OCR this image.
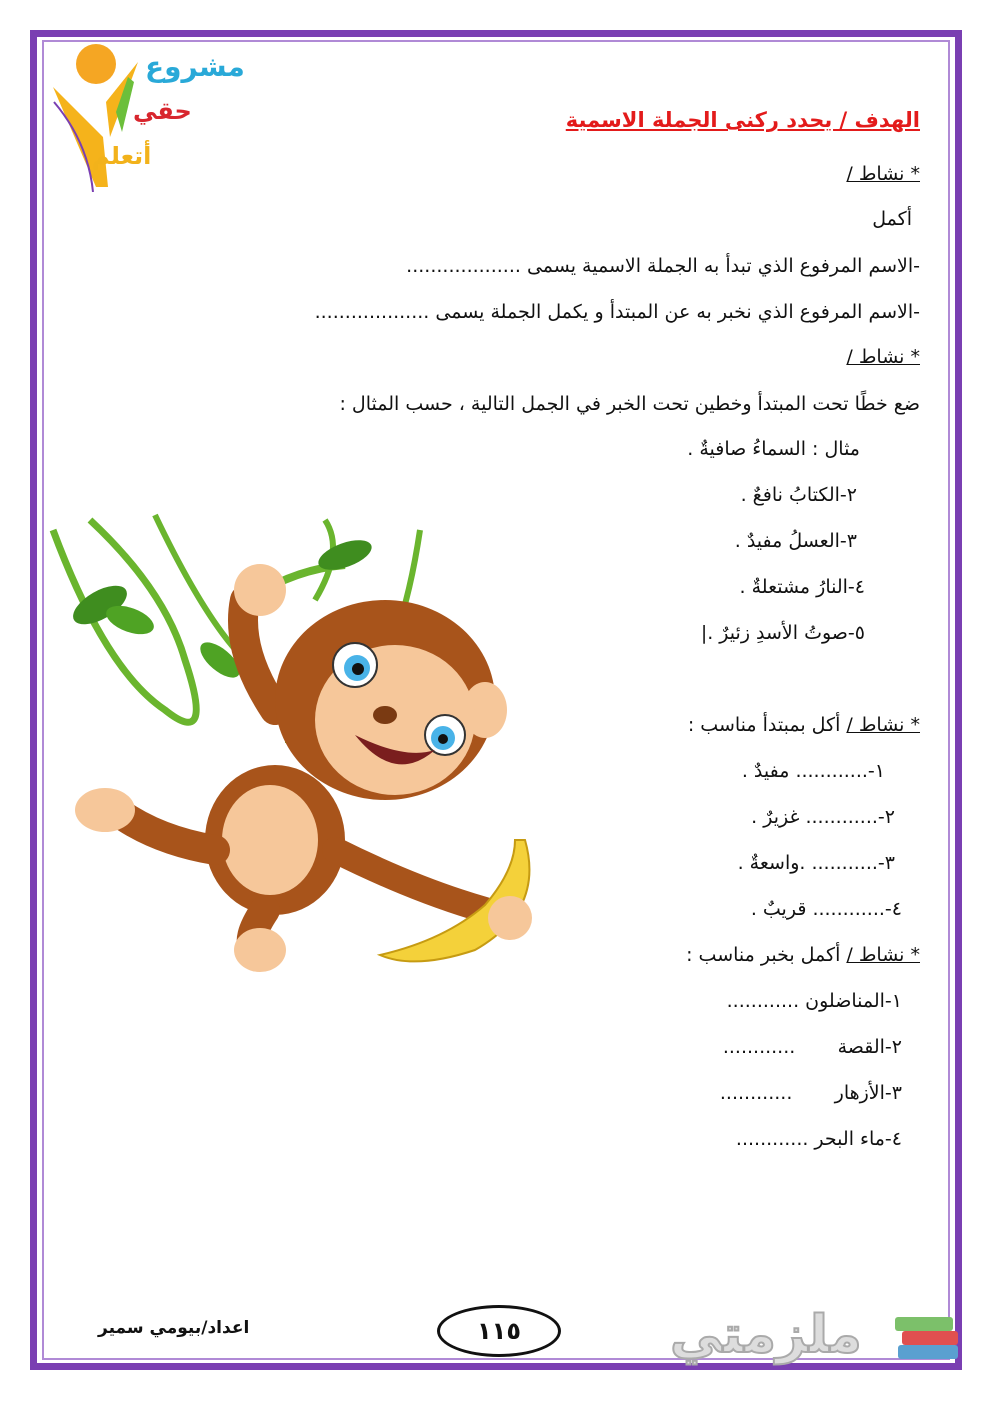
مشروع
حقي
أتعلم
الهدف / يحدد ركنى الجملة الاسمية
* نشاط /
أكمل
-الاسم المرفوع الذي تبدأ به الجملة الاسمية يسمى ...................
-الاسم المرفوع الذي نخبر به عن المبتدأ و يكمل الجملة يسمى ...................
* نشاط /
ضع خطًا تحت المبتدأ وخطين تحت الخبر في الجمل التالية ، حسب المثال :
مثال : السماءُ صافيةٌ .
٢-الكتابُ نافعٌ .
٣-العسلُ مفيدٌ .
٤-النارُ مشتعلةٌ .
٥-صوتُ الأسدِ زئيرٌ .|
* نشاط / أكل بمبتدأ مناسب :
١-............ مفيدٌ .
٢-............ غزيرٌ .
٣-........... .واسعةٌ .
٤-............ قريبٌ .
* نشاط / أكمل بخبر مناسب :
١-المناضلون ............
٢-القصة       ............
٣-الأزهار       ............
٤-ماء البحر ............
١١٥
اعداد/بيومي سمير	ملزمتي
